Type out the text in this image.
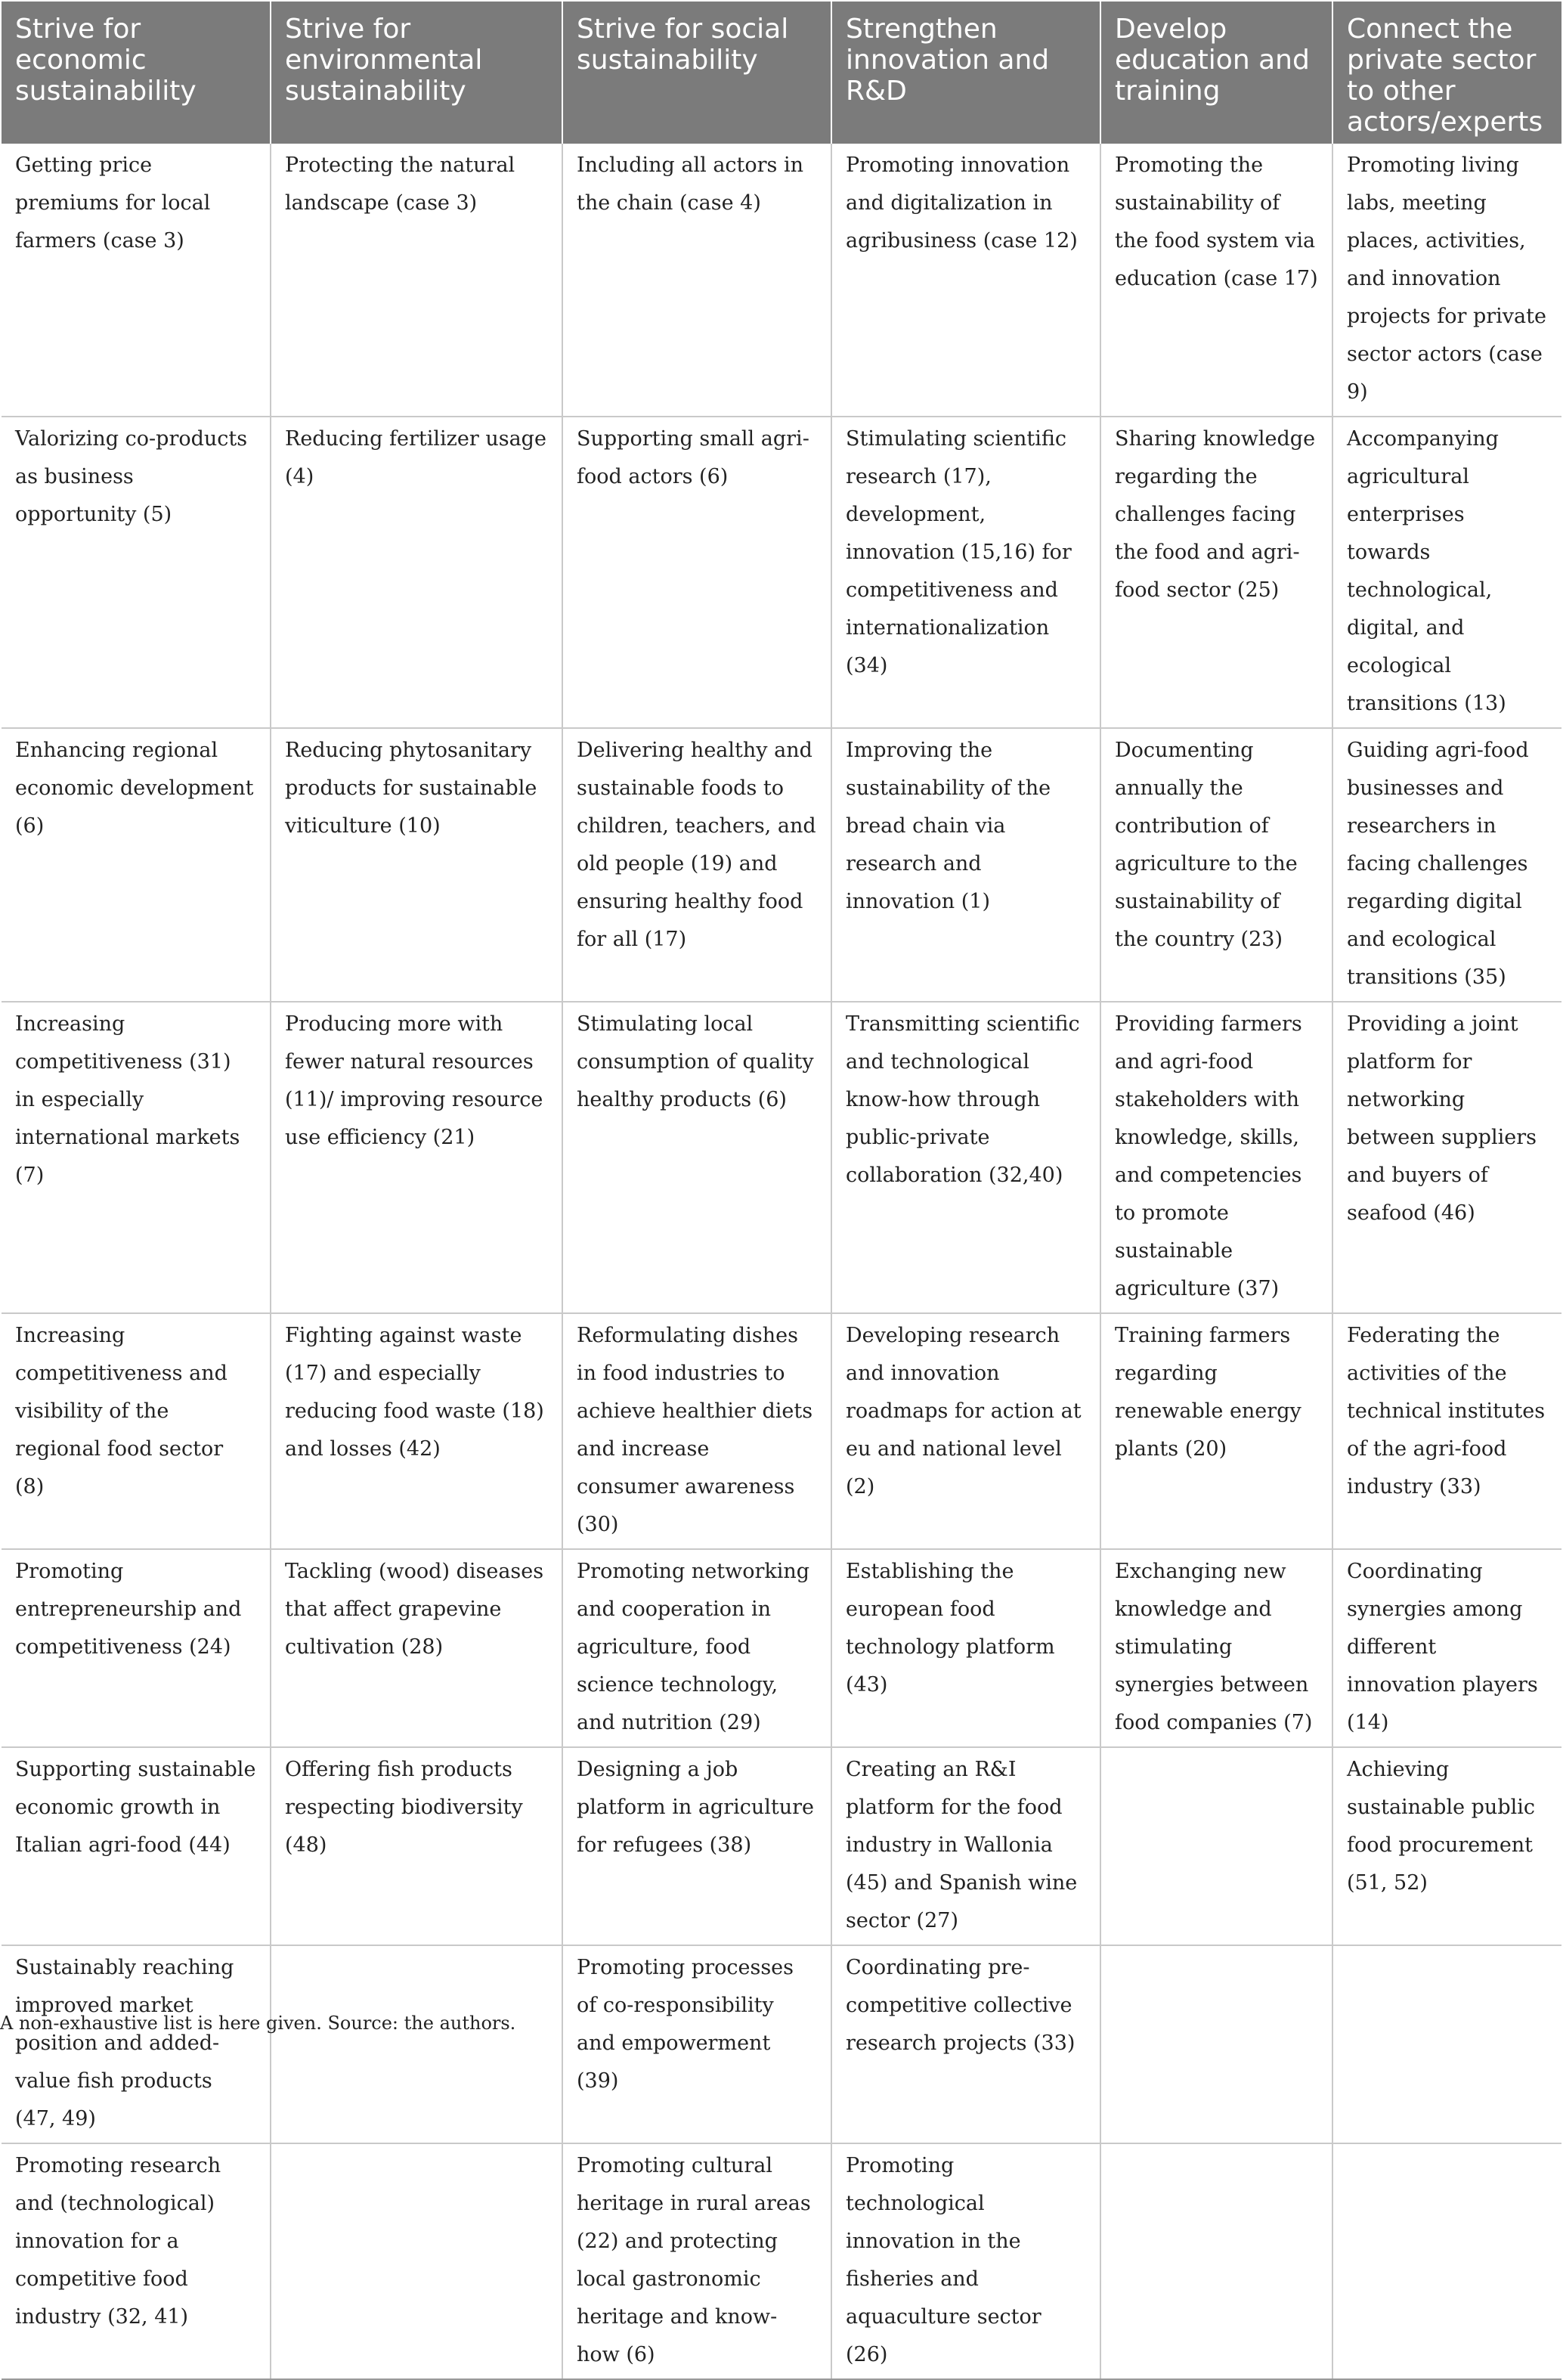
Strive for economic sustainability	Strive for environmental sustainability	Strive for social sustainability	Strengthen innovation and R&D	Develop education and training	Connect the private sector to other actors/experts
Getting price premiums for local farmers (case 3)	Protecting the natural landscape (case 3)	Including all actors in the chain (case 4)	Promoting innovation and digitalization in agribusiness (case 12)	Promoting the sustainability of the food system via education (case 17)	Promoting living labs, meeting places, activities, and innovation projects for private sector actors (case 9)
Valorizing co-products as business opportunity (5)	Reducing fertilizer usage (4)	Supporting small agri-food actors (6)	Stimulating scientific research (17), development, innovation (15,16) for competitiveness and internationalization (34)	Sharing knowledge regarding the challenges facing the food and agri-food sector (25)	Accompanying agricultural enterprises towards technological, digital, and ecological transitions (13)
Enhancing regional economic development (6)	Reducing phytosanitary products for sustainable viticulture (10)	Delivering healthy and sustainable foods to children, teachers, and old people (19) and ensuring healthy food for all (17)	Improving the sustainability of the bread chain via research and innovation (1)	Documenting annually the contribution of agriculture to the sustainability of the country (23)	Guiding agri-food businesses and researchers in facing challenges regarding digital and ecological transitions (35)
Increasing competitiveness (31) in especially international markets (7)	Producing more with fewer natural resources (11)/ improving resource use efficiency (21)	Stimulating local consumption of quality healthy products (6)	Transmitting scientific and technological know-how through public-private collaboration (32,40)	Providing farmers and agri-food stakeholders with knowledge, skills, and competencies to promote sustainable agriculture (37)	Providing a joint platform for networking between suppliers and buyers of seafood (46)
Increasing competitiveness and visibility of the regional food sector (8)	Fighting against waste (17) and especially reducing food waste (18) and losses (42)	Reformulating dishes in food industries to achieve healthier diets and increase consumer awareness (30)	Developing research and innovation roadmaps for action at eu and national level (2)	Training farmers regarding renewable energy plants (20)	Federating the activities of the technical institutes of the agri-food industry (33)
Promoting entrepreneurship and competitiveness (24)	Tackling (wood) diseases that affect grapevine cultivation (28)	Promoting networking and cooperation in agriculture, food science technology, and nutrition (29)	Establishing the european food technology platform (43)	Exchanging new knowledge and stimulating synergies between food companies (7)	Coordinating synergies among different innovation players (14)
Supporting sustainable economic growth in Italian agri-food (44)	Offering fish products respecting biodiversity (48)	Designing a job platform in agriculture for refugees (38)	Creating an R&I platform for the food industry in Wallonia (45) and Spanish wine sector (27)		Achieving sustainable public food procurement (51, 52)
Sustainably reaching improved market position and added-value fish products (47, 49)		Promoting processes of co-responsibility and empowerment (39)	Coordinating pre-competitive collective research projects (33)		
Promoting research and (technological) innovation for a competitive food industry (32, 41)		Promoting cultural heritage in rural areas (22) and protecting local gastronomic heritage and know-how (6)	Promoting technological innovation in the fisheries and aquaculture sector (26)		
A non-exhaustive list is here given. Source: the authors.
